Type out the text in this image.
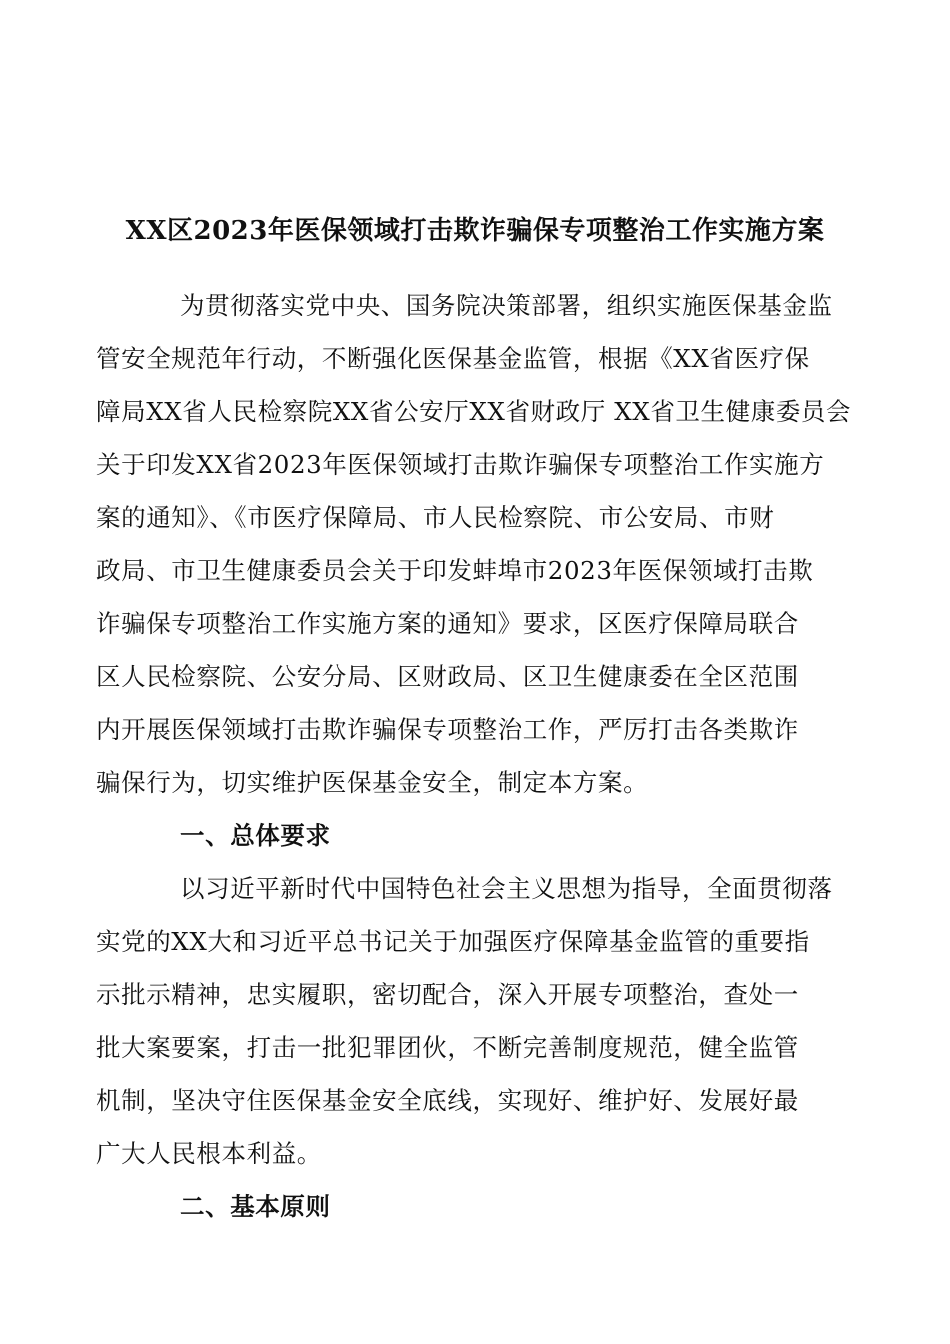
XX区2023年医保领域打击欺诈骗保专项整治工作实施方案
为贯彻落实党中央、国务院决策部署，组织实施医保基金监
管安全规范年行动，不断强化医保基金监管，根据《XX省医疗保
障局XX省人民检察院XX省公安厅XX省财政厅 XX省卫生健康委员会
关于印发XX省2023年医保领域打击欺诈骗保专项整治工作实施方
案的通知》、《市医疗保障局、市人民检察院、市公安局、市财
政局、市卫生健康委员会关于印发蚌埠市2023年医保领域打击欺
诈骗保专项整治工作实施方案的通知》要求，区医疗保障局联合
区人民检察院、公安分局、区财政局、区卫生健康委在全区范围
内开展医保领域打击欺诈骗保专项整治工作，严厉打击各类欺诈
骗保行为，切实维护医保基金安全，制定本方案。
一、总体要求
以习近平新时代中国特色社会主义思想为指导，全面贯彻落
实党的XX大和习近平总书记关于加强医疗保障基金监管的重要指
示批示精神，忠实履职，密切配合，深入开展专项整治，查处一
批大案要案，打击一批犯罪团伙，不断完善制度规范，健全监管
机制，坚决守住医保基金安全底线，实现好、维护好、发展好最
广大人民根本利益。
二、基本原则
